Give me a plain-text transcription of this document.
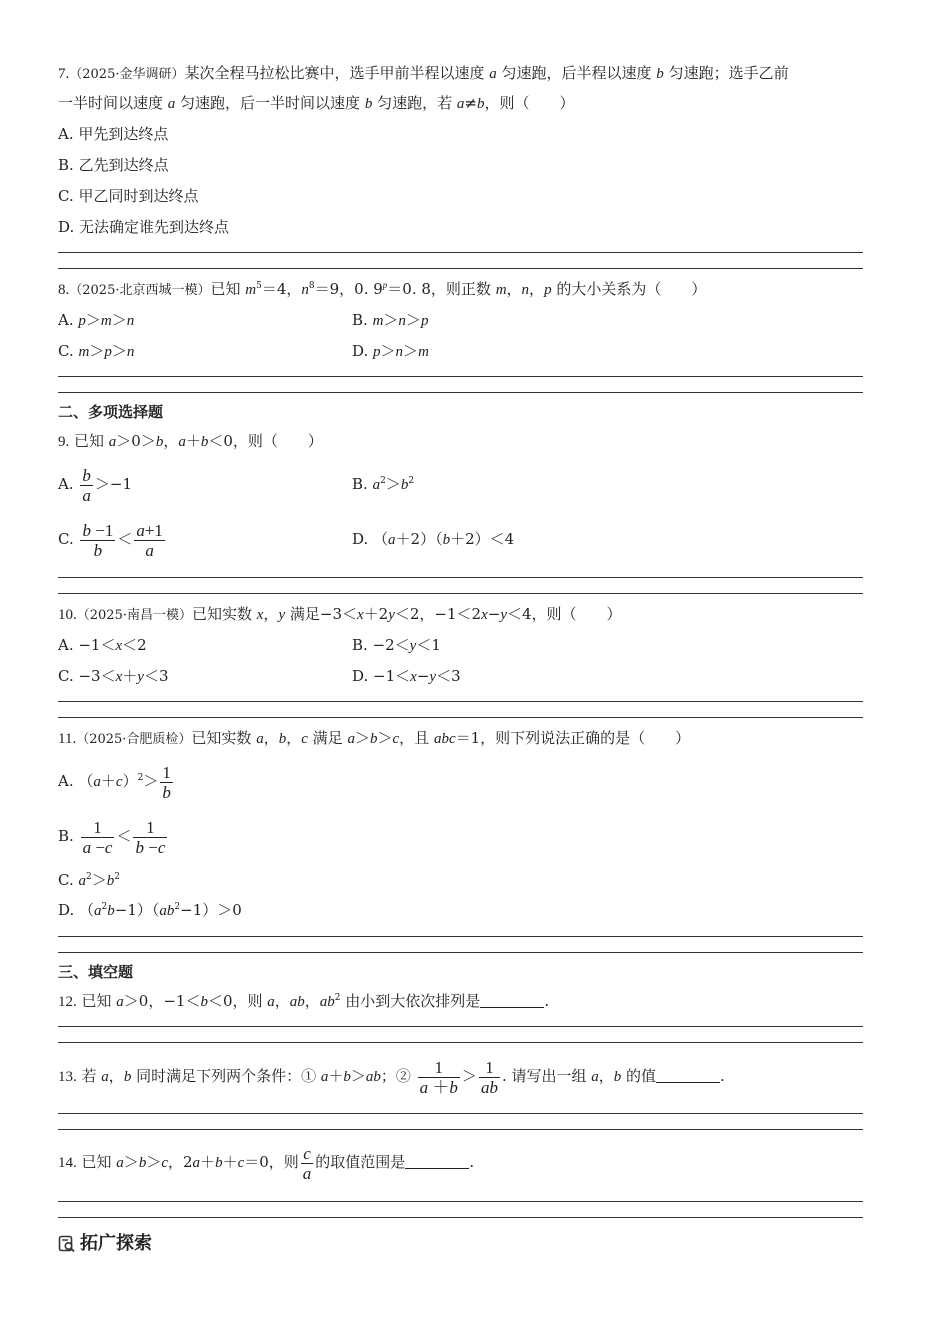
7.（2025·金华调研）某次全程马拉松比赛中，选手甲前半程以速度 a 匀速跑，后半程以速度 b 匀速跑；选手乙前
一半时间以速度 a 匀速跑，后一半时间以速度 b 匀速跑，若 a≠b，则（　　）
A. 甲先到达终点
B. 乙先到达终点
C. 甲乙同时到达终点
D. 无法确定谁先到达终点
8.（2025·北京西城一模）已知 $m^5=4$，$n^8=9$，0. $9^p=0$. 8，则正数 m，n，p 的大小关系为（　　）
A. p＞m＞n	B. m＞n＞p
C. m＞p＞n	D. p＞n＞m
二、多项选择题
9. 已知 a＞0＞b，a＋b＜0，则（　　）
A. $\frac{b}{a} >-1$	B. $a^2>b^2$
C. $\frac{b -1}{b} < \frac{a+1}{a}$	D. （a＋2）（b＋2）＜4
10.（2025·南昌一模）已知实数 x，y 满足−3＜x＋2y＜2，−1＜2x−y＜4，则（　　）
A. −1＜x＜2	B. −2＜y＜1
C. −3＜x＋y＜3	D. −1＜x−y＜3
11.（2025·合肥质检）已知实数 a，b，c 满足 a＞b＞c，且 abc＝1，则下列说法正确的是（　　）
A. $(a+c)^2> \frac{1}{b}$
B. $\frac{1}{a -c} < \frac{1}{b -c}$
C. $a^2>b^2$
D. $(a^2b-1)(ab^2-1)>0$
三、填空题
12. 已知 a＞0，−1＜b＜0，则 a，ab，$ab^2$ 由小到大依次排列是	.
13. 若 a，b 同时满足下列两个条件：① a＋b＞ab；② $\frac{1}{a +b} > \frac{1}{ab}$ . 请写出一组 a，b 的值	.
14. 已知 a＞b＞c，2a＋b＋c＝0，则 $\frac{c}{a}$ 的取值范围是	.
拓广探索
